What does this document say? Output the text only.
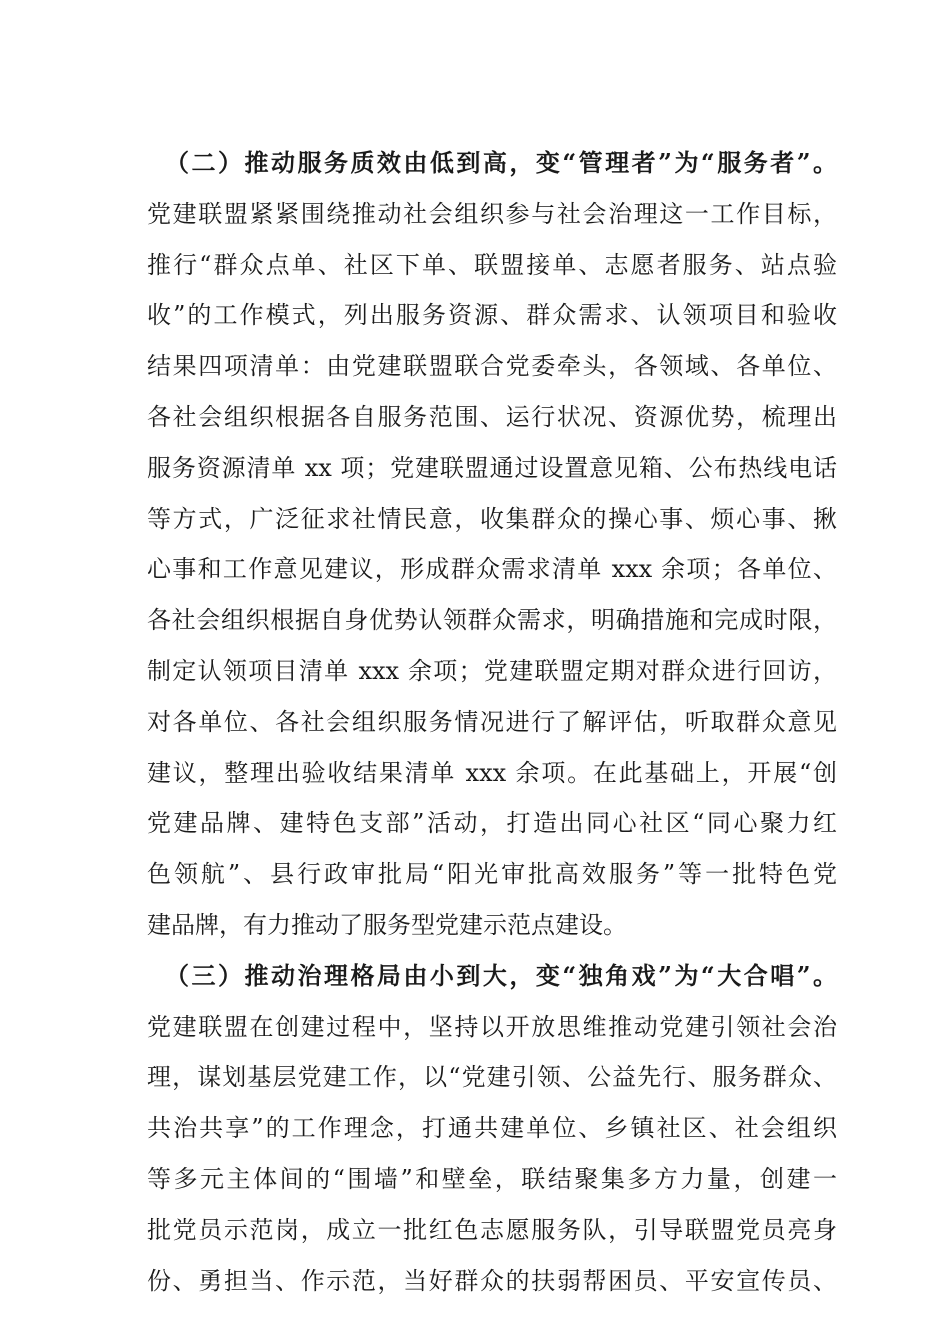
（二）推动服务质效由低到高，变“管理者”为“服务者”。
党建联盟紧紧围绕推动社会组织参与社会治理这一工作目标，
推行“群众点单、社区下单、联盟接单、志愿者服务、站点验
收”的工作模式，列出服务资源、群众需求、认领项目和验收
结果四项清单：由党建联盟联合党委牵头，各领域、各单位、
各社会组织根据各自服务范围、运行状况、资源优势，梳理出
服务资源清单 xx 项；党建联盟通过设置意见箱、公布热线电话
等方式，广泛征求社情民意，收集群众的操心事、烦心事、揪
心事和工作意见建议，形成群众需求清单 xxx 余项；各单位、
各社会组织根据自身优势认领群众需求，明确措施和完成时限，
制定认领项目清单 xxx 余项；党建联盟定期对群众进行回访，
对各单位、各社会组织服务情况进行了解评估，听取群众意见
建议，整理出验收结果清单 xxx 余项。在此基础上，开展“创
党建品牌、建特色支部”活动，打造出同心社区“同心聚力红
色领航”、县行政审批局“阳光审批高效服务”等一批特色党
建品牌，有力推动了服务型党建示范点建设。
（三）推动治理格局由小到大，变“独角戏”为“大合唱”。
党建联盟在创建过程中，坚持以开放思维推动党建引领社会治
理，谋划基层党建工作，以“党建引领、公益先行、服务群众、
共治共享”的工作理念，打通共建单位、乡镇社区、社会组织
等多元主体间的“围墙”和壁垒，联结聚集多方力量，创建一
批党员示范岗，成立一批红色志愿服务队，引导联盟党员亮身
份、勇担当、作示范，当好群众的扶弱帮困员、平安宣传员、
